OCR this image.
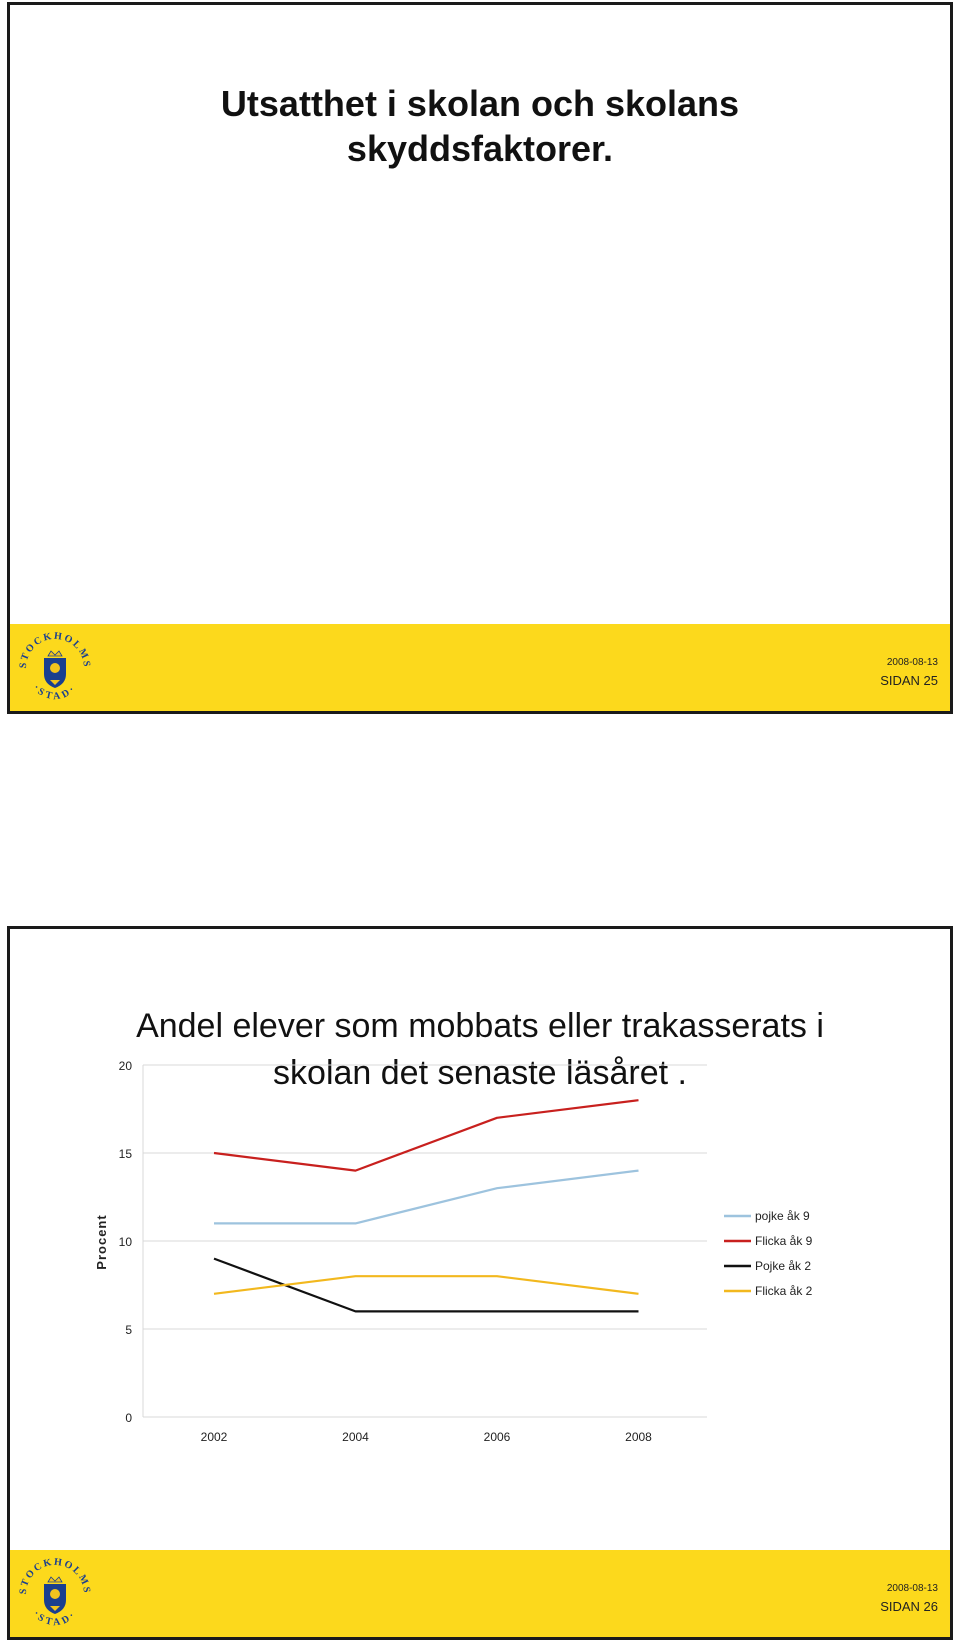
Utsatthet i skolan och skolans
skyddsfaktorer.
STOCKHOLMS
·STAD·
2008-08-13
SIDAN 25
Andel elever som mobbats eller trakasserats i
skolan det senaste läsåret .
0
5
10
15
20
2002	2004	2006	2008
Procent	pojke åk 9
Flicka åk 9
Pojke åk 2
Flicka åk 2
STOCKHOLMS
·STAD·
2008-08-13
SIDAN 26
